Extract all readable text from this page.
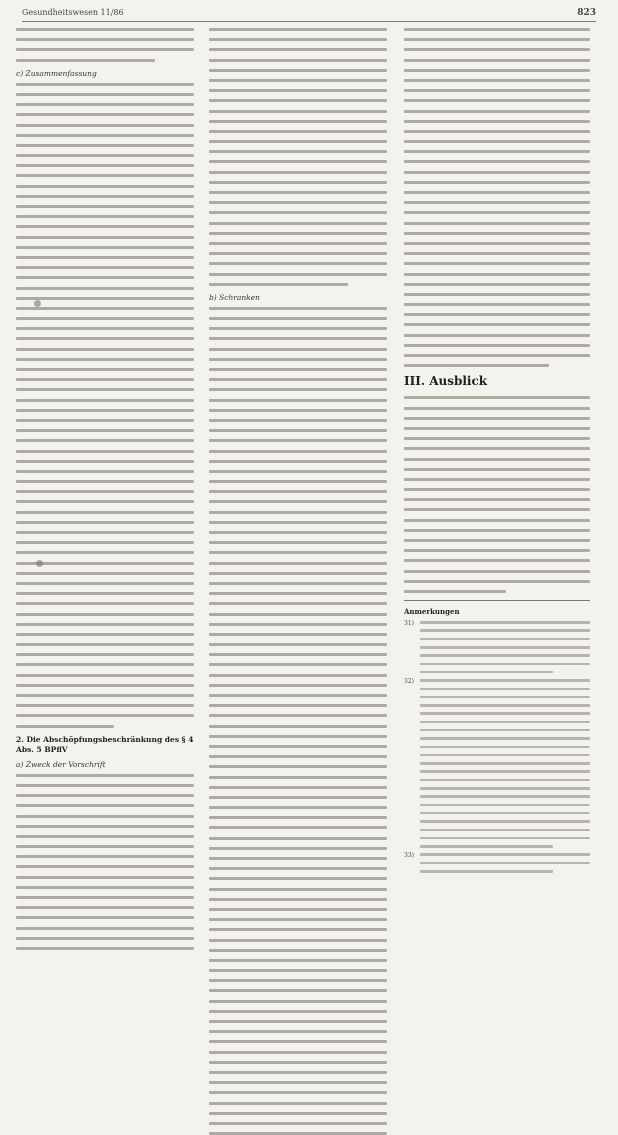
Gesundheitswesen 11/86	823
c) Zusammenfassung
2. Die Abschöpfungsbeschränkung des § 4 Abs. 5 BPflV
a) Zweck der Vorschrift
b) Schranken
III. Ausblick
Anmerkungen
31)
32)
33)
